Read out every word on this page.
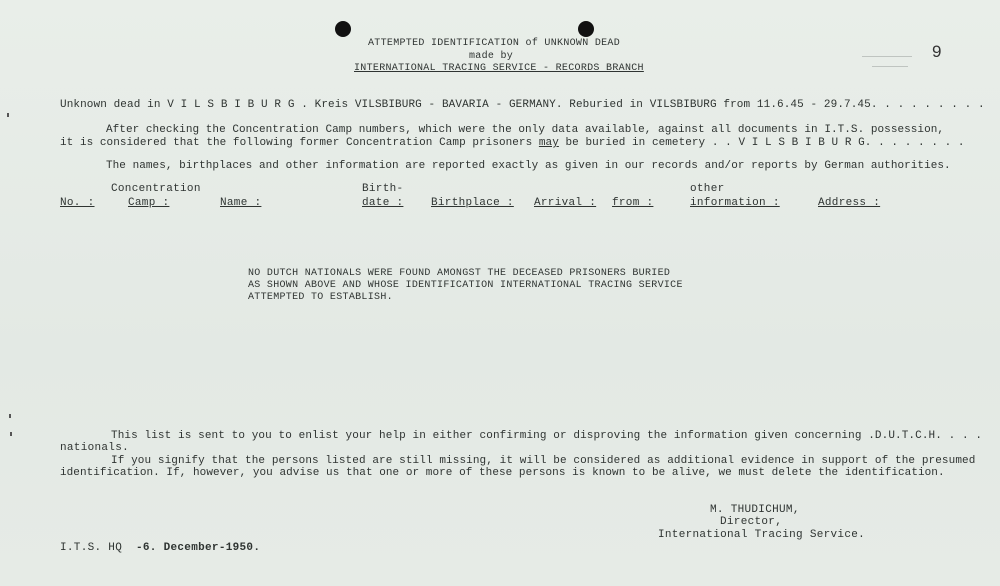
9
ATTEMPTED IDENTIFICATION of UNKNOWN DEAD
made by
INTERNATIONAL TRACING SERVICE - RECORDS BRANCH
Unknown dead in V I L S B I B U R G . Kreis VILSBIBURG - BAVARIA - GERMANY. Reburied in VILSBIBURG from 11.6.45 - 29.7.45. . . . . . . . .
After checking the Concentration Camp numbers, which were the only data available, against all documents in I.T.S. possession,
it is considered that the following former Concentration Camp prisoners may be buried in cemetery . . V I L S B I B U R G. . . . . . . .
The names, birthplaces and other information are reported exactly as given in our records and/or reports by German authorities.
Concentration	Birth-	other
No. :	Camp :	Name :	date :	Birthplace : Arrival : from :	information :	Address :
NO DUTCH NATIONALS WERE FOUND AMONGST THE DECEASED PRISONERS BURIED
AS SHOWN ABOVE AND WHOSE IDENTIFICATION INTERNATIONAL TRACING SERVICE
ATTEMPTED TO ESTABLISH.
This list is sent to you to enlist your help in either confirming or disproving the information given concerning .D.U.T.C.H. . . .
nationals.
If you signify that the persons listed are still missing, it will be considered as additional evidence in support of the presumed
identification. If, however, you advise us that one or more of these persons is known to be alive, we must delete the identification.
M. THUDICHUM,
Director,
International Tracing Service.
I.T.S. HQ -6. December-1950.
